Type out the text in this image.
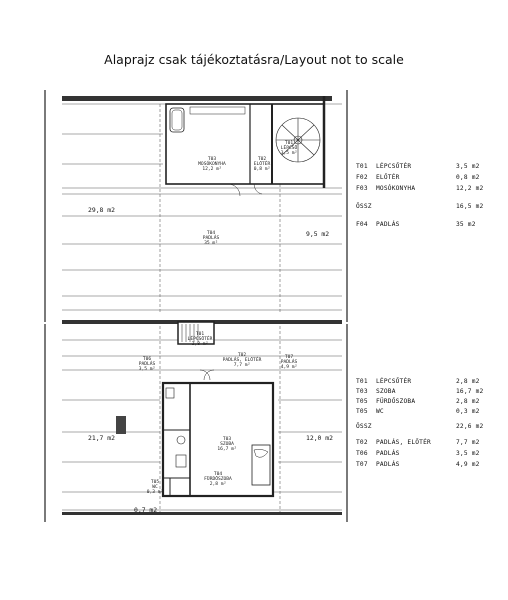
Alaprajz csak tájékoztatásra/Layout not to scale
29,8 m2
9,5 m2
21,7 m2	12,0 m2
0,7 m2
T03
MOSÓKONYHA
12,2 m²
T02
ELŐTÉR
0,8 m²
T01
LÉPCSŐ
3,5 m²
T04
PADLÁS
35 m²
T01
LÉPCSŐTÉR
2,8 m²
T02
PADLÁS, ELŐTÉR
7,7 m²
T06
PADLÁS
3,5 m²
T07
PADLÁS
4,9 m²
T03
SZOBA
16,7 m²
T04
FÜRDŐSZOBA
2,8 m²
T05
WC
0,3 m²
T01 LÉPCSŐTÉR	3,5 m2
F02 ELŐTÉR	0,8 m2
F03 MOSÓKONYHA	12,2 m2
ÖSSZ	16,5 m2
F04 PADLÁS	35 m2
T01 LÉPCSŐTÉR	2,8 m2
T03 SZOBA	16,7 m2
T05 FÜRDŐSZOBA	2,8 m2
T05 WC	0,3 m2
ÖSSZ	22,6 m2
T02 PADLÁS, ELŐTÉR	7,7 m2
T06 PADLÁS	3,5 m2
T07 PADLÁS	4,9 m2
